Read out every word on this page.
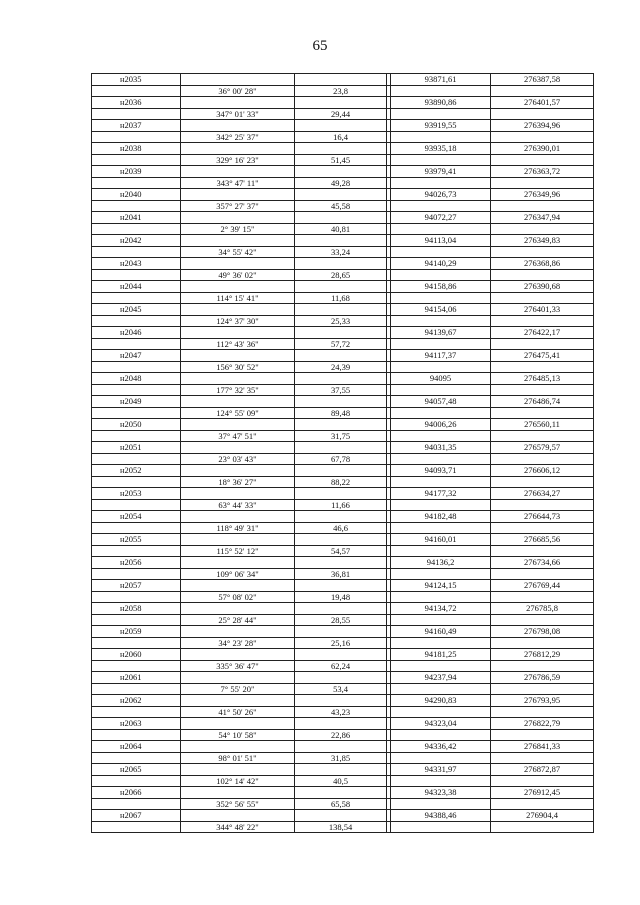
65
н2035				93871,61	276387,58
	36° 00' 28"	23,8			
н2036				93890,86	276401,57
	347° 01' 33"	29,44			
н2037				93919,55	276394,96
	342° 25' 37"	16,4			
н2038				93935,18	276390,01
	329° 16' 23"	51,45			
н2039				93979,41	276363,72
	343° 47' 11"	49,28			
н2040				94026,73	276349,96
	357° 27' 37"	45,58			
н2041				94072,27	276347,94
	2° 39' 15"	40,81			
н2042				94113,04	276349,83
	34° 55' 42"	33,24			
н2043				94140,29	276368,86
	49° 36' 02"	28,65			
н2044				94158,86	276390,68
	114° 15' 41"	11,68			
н2045				94154,06	276401,33
	124° 37' 30"	25,33			
н2046				94139,67	276422,17
	112° 43' 36"	57,72			
н2047				94117,37	276475,41
	156° 30' 52"	24,39			
н2048				94095	276485,13
	177° 32' 35"	37,55			
н2049				94057,48	276486,74
	124° 55' 09"	89,48			
н2050				94006,26	276560,11
	37° 47' 51"	31,75			
н2051				94031,35	276579,57
	23° 03' 43"	67,78			
н2052				94093,71	276606,12
	18° 36' 27"	88,22			
н2053				94177,32	276634,27
	63° 44' 33"	11,66			
н2054				94182,48	276644,73
	118° 49' 31"	46,6			
н2055				94160,01	276685,56
	115° 52' 12"	54,57			
н2056				94136,2	276734,66
	109° 06' 34"	36,81			
н2057				94124,15	276769,44
	57° 08' 02"	19,48			
н2058				94134,72	276785,8
	25° 28' 44"	28,55			
н2059				94160,49	276798,08
	34° 23' 28"	25,16			
н2060				94181,25	276812,29
	335° 36' 47"	62,24			
н2061				94237,94	276786,59
	7° 55' 20"	53,4			
н2062				94290,83	276793,95
	41° 50' 26"	43,23			
н2063				94323,04	276822,79
	54° 10' 58"	22,86			
н2064				94336,42	276841,33
	98° 01' 51"	31,85			
н2065				94331,97	276872,87
	102° 14' 42"	40,5			
н2066				94323,38	276912,45
	352° 56' 55"	65,58			
н2067				94388,46	276904,4
	344° 48' 22"	138,54			
